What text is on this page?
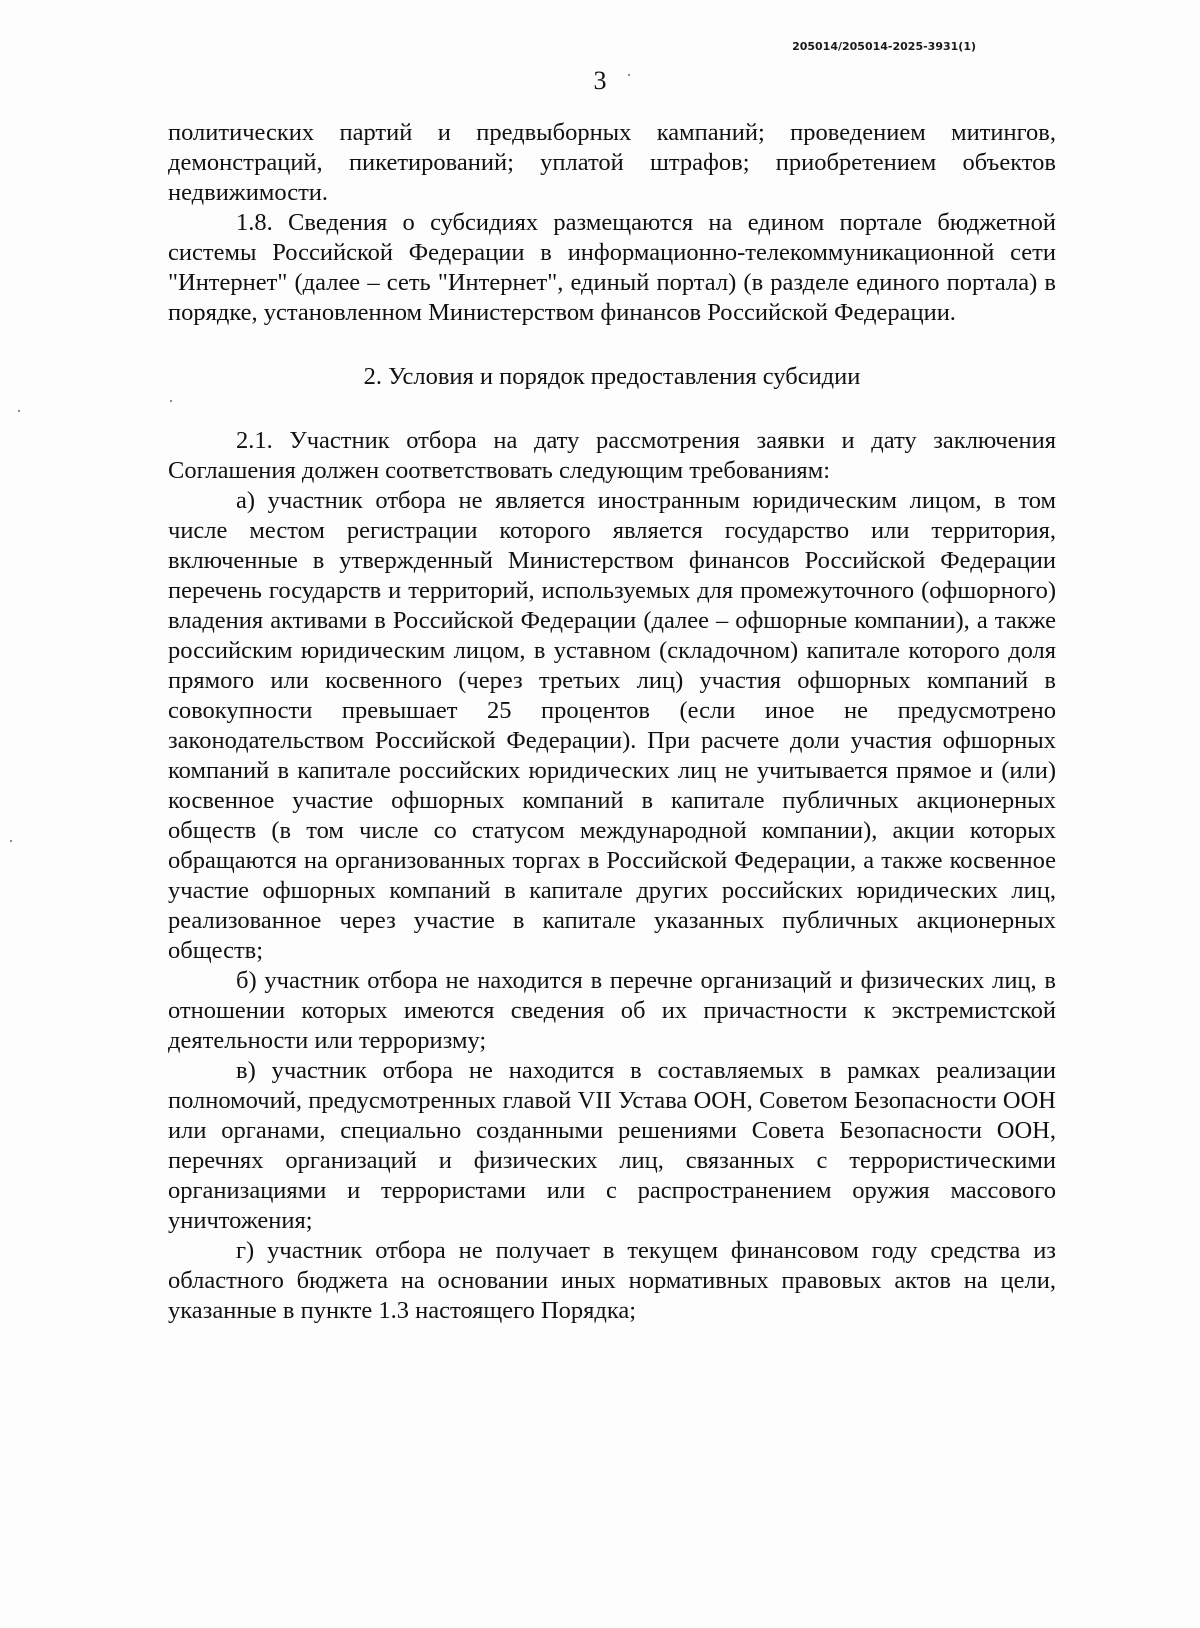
205014/205014-2025-3931(1)
3

политических партий и предвыборных кампаний; проведением митингов, демонстраций, пикетирований; уплатой штрафов; приобретением объектов недвижимости.

1.8. Сведения о субсидиях размещаются на едином портале бюджетной системы Российской Федерации в информационно-телекоммуникационной сети "Интернет" (далее – сеть "Интернет", единый портал) (в разделе единого портала) в порядке, установленном Министерством финансов Российской Федерации.

2. Условия и порядок предоставления субсидии

2.1. Участник отбора на дату рассмотрения заявки и дату заключения Соглашения должен соответствовать следующим требованиям:

а) участник отбора не является иностранным юридическим лицом, в том числе местом регистрации которого является государство или территория, включенные в утвержденный Министерством финансов Российской Федерации перечень государств и территорий, используемых для промежуточного (офшорного) владения активами в Российской Федерации (далее – офшорные компании), а также российским юридическим лицом, в уставном (складочном) капитале которого доля прямого или косвенного (через третьих лиц) участия офшорных компаний в совокупности превышает 25 процентов (если иное не предусмотрено законодательством Российской Федерации). При расчете доли участия офшорных компаний в капитале российских юридических лиц не учитывается прямое и (или) косвенное участие офшорных компаний в капитале публичных акционерных обществ (в том числе со статусом международной компании), акции которых обращаются на организованных торгах в Российской Федерации, а также косвенное участие офшорных компаний в капитале других российских юридических лиц, реализованное через участие в капитале указанных публичных акционерных обществ;

б) участник отбора не находится в перечне организаций и физических лиц, в отношении которых имеются сведения об их причастности к экстремистской деятельности или терроризму;

в) участник отбора не находится в составляемых в рамках реализации полномочий, предусмотренных главой VII Устава ООН, Советом Безопасности ООН или органами, специально созданными решениями Совета Безопасности ООН, перечнях организаций и физических лиц, связанных с террористическими организациями и террористами или с распространением оружия массового уничтожения;

г) участник отбора не получает в текущем финансовом году средства из областного бюджета на основании иных нормативных правовых актов на цели, указанные в пункте 1.3 настоящего Порядка;
